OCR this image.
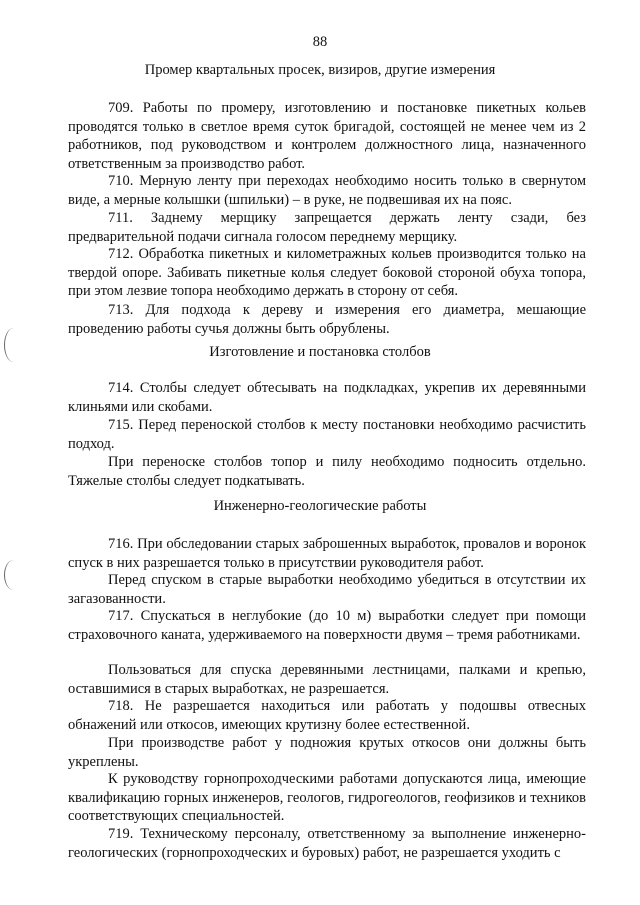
88
Промер квартальных просек, визиров, другие измерения
709. Работы по промеру, изготовлению и постановке пикетных кольев проводятся только в светлое время суток бригадой, состоящей не менее чем из 2 работников, под руководством и контролем должностного лица, назначенного ответственным за производство работ.
710. Мерную ленту при переходах необходимо носить только в свернутом виде, а мерные колышки (шпильки) – в руке, не подвешивая их на пояс.
711. Заднему мерщику запрещается держать ленту сзади, без предварительной подачи сигнала голосом переднему мерщику.
712. Обработка пикетных и километражных кольев производится только на твердой опоре. Забивать пикетные колья следует боковой стороной обуха топора, при этом лезвие топора необходимо держать в сторону от себя.
713. Для подхода к дереву и измерения его диаметра, мешающие проведению работы сучья должны быть обрублены.
Изготовление и постановка столбов
714. Столбы следует обтесывать на подкладках, укрепив их деревянными клиньями или скобами.
715. Перед переноской столбов к месту постановки необходимо расчистить подход.
При переноске столбов топор и пилу необходимо подносить отдельно. Тяжелые столбы следует подкатывать.
Инженерно-геологические работы
716. При обследовании старых заброшенных выработок, провалов и воронок спуск в них разрешается только в присутствии руководителя работ.
Перед спуском в старые выработки необходимо убедиться в отсутствии их загазованности.
717. Спускаться в неглубокие (до 10 м) выработки следует при помощи страховочного каната, удерживаемого на поверхности двумя – тремя работниками.
Пользоваться для спуска деревянными лестницами, палками и крепью, оставшимися в старых выработках, не разрешается.
718. Не разрешается находиться или работать у подошвы отвесных обнажений или откосов, имеющих крутизну более естественной.
При производстве работ у подножия крутых откосов они должны быть укреплены.
К руководству горнопроходческими работами допускаются лица, имеющие квалификацию горных инженеров, геологов, гидрогеологов, геофизиков и техников соответствующих специальностей.
719. Техническому персоналу, ответственному за выполнение инженерно-геологических (горнопроходческих и буровых) работ, не разрешается уходить с
